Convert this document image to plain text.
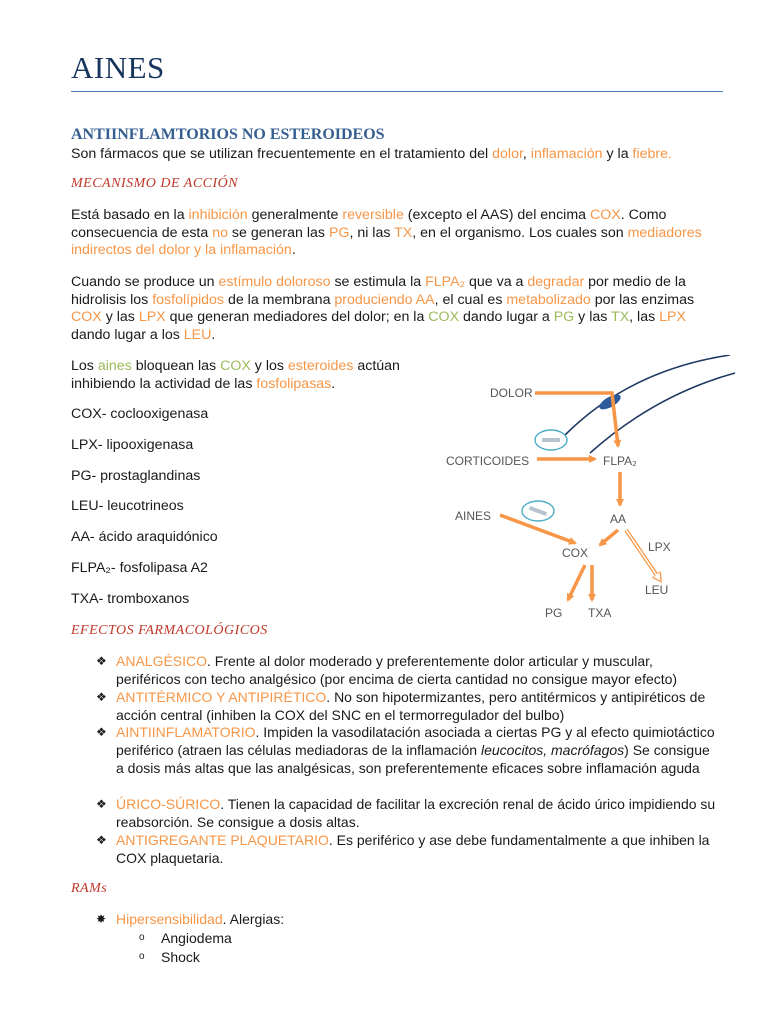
AINES
ANTIINFLAMTORIOS NO ESTEROIDEOS
Son fármacos que se utilizan frecuentemente en el tratamiento del dolor, inflamación y la fiebre.
MECANISMO DE ACCIÓN
Está basado en la inhibición generalmente reversible (excepto el AAS) del encima COX. Como consecuencia de esta no se generan las PG, ni las TX, en el organismo. Los cuales son mediadores indirectos del dolor y la inflamación.
Cuando se produce un estímulo doloroso se estimula la FLPA₂ que va a degradar por medio de la hidrolisis los fosfolípidos de la membrana produciendo AA, el cual es metabolizado por las enzimas COX y las LPX que generan mediadores del dolor; en la COX dando lugar a PG y las TX, las LPX dando lugar a los LEU.
Los aines bloquean las COX y los esteroides actúan inhibiendo la actividad de las fosfolipasas.
COX- coclooxigenasa
LPX- lipooxigenasa
PG- prostaglandinas
LEU- leucotrineos
AA- ácido araquidónico
FLPA₂- fosfolipasa A2
TXA- tromboxanos
DOLOR
CORTICOIDES	FLPA₂
AINES	AA
COX	LPX
LEU
PG TXA
EFECTOS FARMACOLÓGICOS
❖ ANALGÉSICO. Frente al dolor moderado y preferentemente dolor articular y muscular, periféricos con techo analgésico (por encima de cierta cantidad no consigue mayor efecto)
❖ ANTITÉRMICO Y ANTIPIRÉTICO. No son hipotermizantes, pero antitérmicos y antipiréticos de acción central (inhiben la COX del SNC en el termorregulador del bulbo)
❖ AINTIINFLAMATORIO. Impiden la vasodilatación asociada a ciertas PG y al efecto quimiotáctico periférico (atraen las células mediadoras de la inflamación leucocitos, macrófagos) Se consigue a dosis más altas que las analgésicas, son preferentemente eficaces sobre inflamación aguda
❖ ÚRICO-SÚRICO. Tienen la capacidad de facilitar la excreción renal de ácido úrico impidiendo su reabsorción. Se consigue a dosis altas.
❖ ANTIGREGANTE PLAQUETARIO. Es periférico y ase debe fundamentalmente a que inhiben la COX plaquetaria.
RAMs
✸ Hipersensibilidad. Alergias:
o Angiodema
o Shock
